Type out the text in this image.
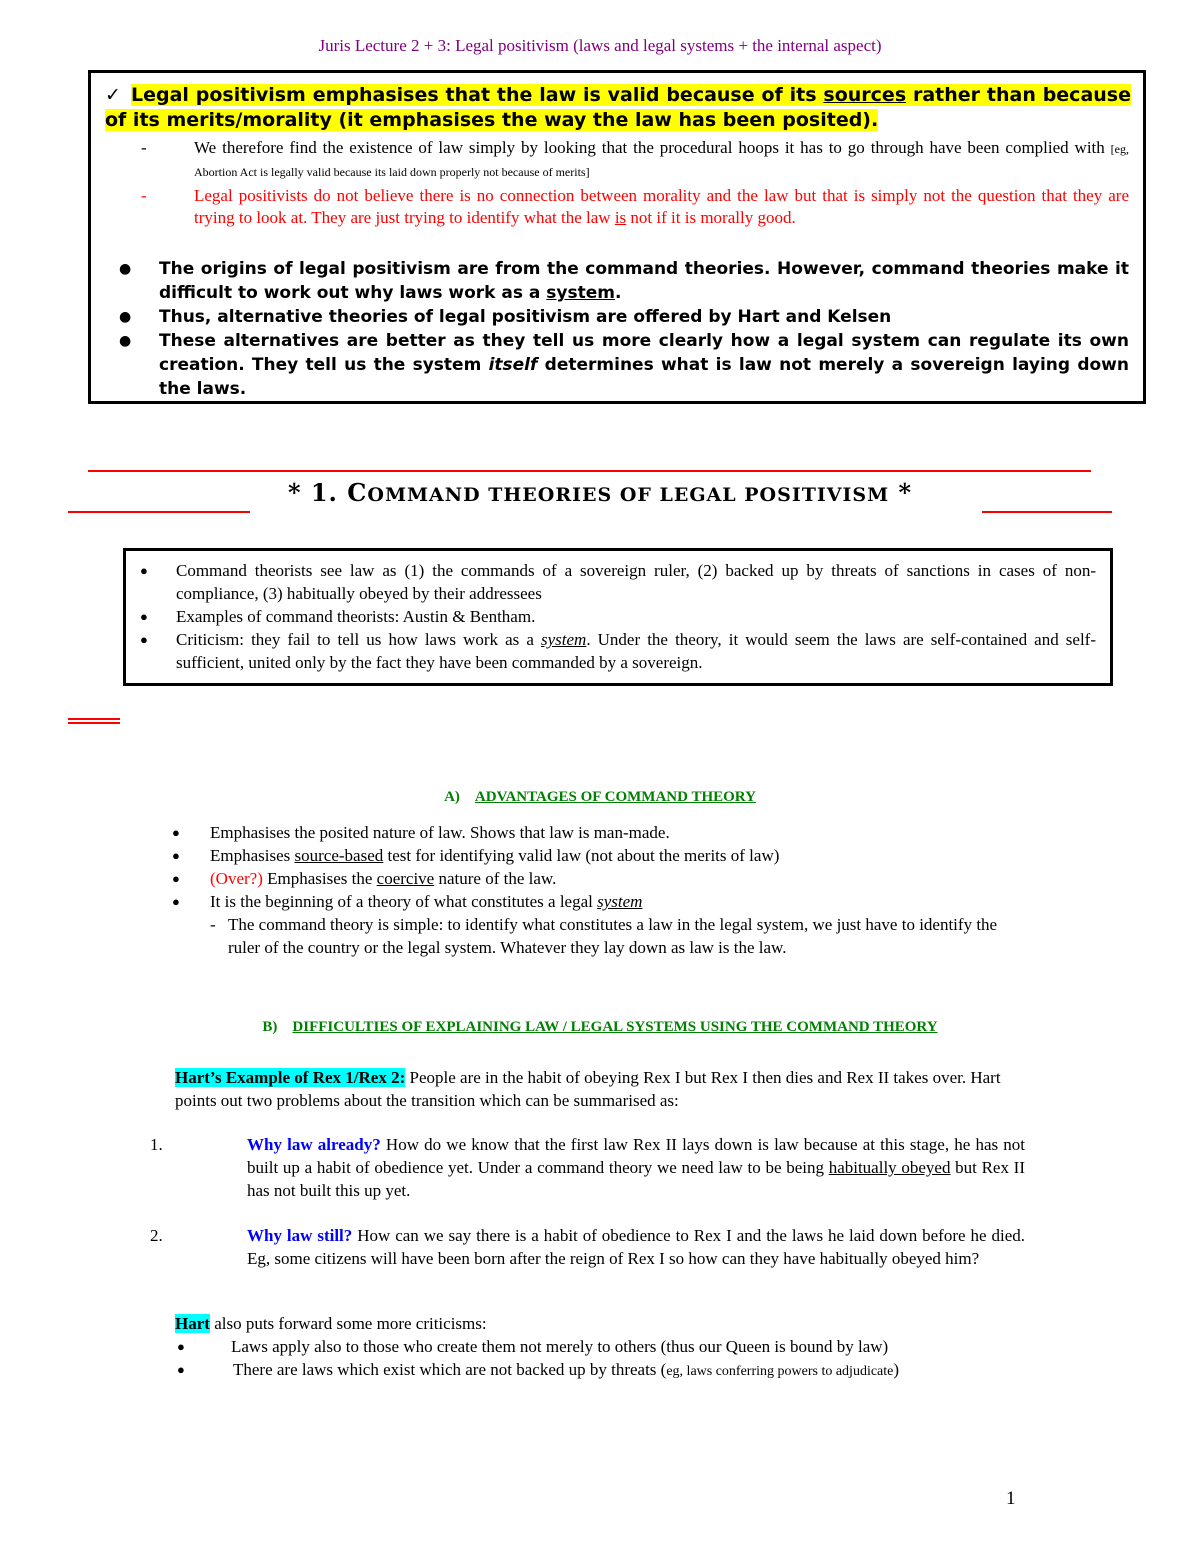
Juris Lecture 2 + 3: Legal positivism (laws and legal systems + the internal aspect)
✓ Legal positivism emphasises that the law is valid because of its sources rather than because of its merits/morality (it emphasises the way the law has been posited).
-	We therefore find the existence of law simply by looking that the procedural hoops it has to go through have been complied with [eg, Abortion Act is legally valid because its laid down properly not because of merits]
-	Legal positivists do not believe there is no connection between morality and the law but that is simply not the question that they are trying to look at. They are just trying to identify what the law is not if it is morally good.
●	The origins of legal positivism are from the command theories. However, command theories make it difficult to work out why laws work as a system.
●	Thus, alternative theories of legal positivism are offered by Hart and Kelsen
●	These alternatives are better as they tell us more clearly how a legal system can regulate its own creation. They tell us the system itself determines what is law not merely a sovereign laying down the laws.
* 1. COMMAND THEORIES OF LEGAL POSITIVISM *
●	Command theorists see law as (1) the commands of a sovereign ruler, (2) backed up by threats of sanctions in cases of non-compliance, (3) habitually obeyed by their addressees
●	Examples of command theorists: Austin & Bentham.
●	Criticism: they fail to tell us how laws work as a system. Under the theory, it would seem the laws are self-contained and self-sufficient, united only by the fact they have been commanded by a sovereign.
A) ADVANTAGES OF COMMAND THEORY
●	Emphasises the posited nature of law. Shows that law is man-made.
●	Emphasises source-based test for identifying valid law (not about the merits of law)
●	(Over?) Emphasises the coercive nature of the law.
●	It is the beginning of a theory of what constitutes a legal system
- The command theory is simple: to identify what constitutes a law in the legal system, we just have to identify the ruler of the country or the legal system. Whatever they lay down as law is the law.
B) DIFFICULTIES OF EXPLAINING LAW / LEGAL SYSTEMS USING THE COMMAND THEORY
Hart’s Example of Rex 1/Rex 2: People are in the habit of obeying Rex I but Rex I then dies and Rex II takes over. Hart points out two problems about the transition which can be summarised as:
1.	Why law already? How do we know that the first law Rex II lays down is law because at this stage, he has not built up a habit of obedience yet. Under a command theory we need law to be being habitually obeyed but Rex II has not built this up yet.
2.	Why law still? How can we say there is a habit of obedience to Rex I and the laws he laid down before he died. Eg, some citizens will have been born after the reign of Rex I so how can they have habitually obeyed him?
Hart also puts forward some more criticisms:
●	Laws apply also to those who create them not merely to others (thus our Queen is bound by law)
●	There are laws which exist which are not backed up by threats (eg, laws conferring powers to adjudicate)
1
